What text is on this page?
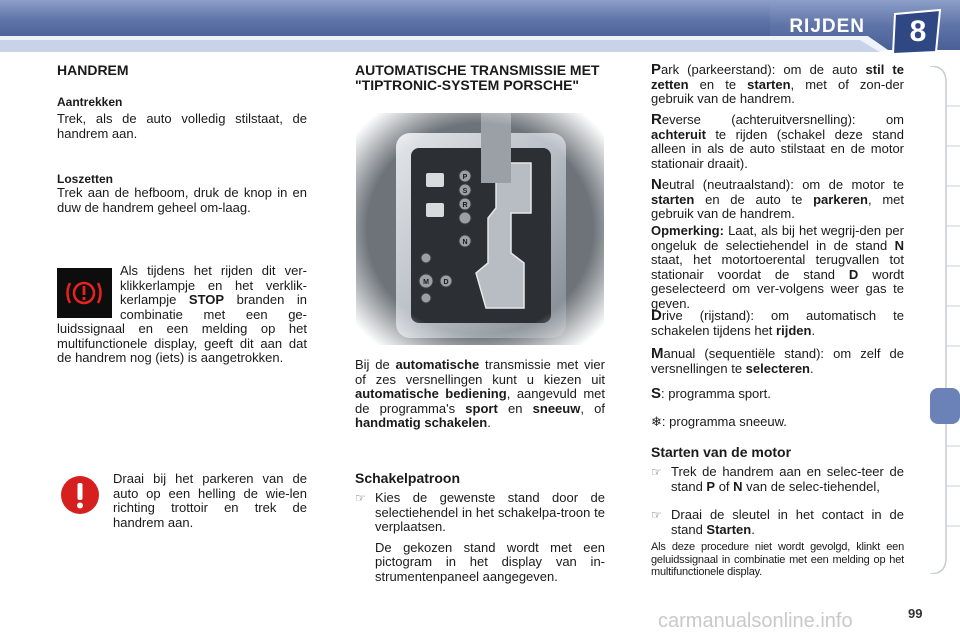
RIJDEN	8
HANDREM
Aantrekken

Trek, als de auto volledig stilstaat, de handrem aan.

Loszetten

Trek aan de hefboom, druk de knop in en duw de handrem geheel om-laag.

Als tijdens het rijden dit ver-klikkerlampje en het verklik-kerlampje STOP branden in combinatie met een ge-luidssignaal en een melding op het multifunctionele display, geeft dit aan dat de handrem nog (iets) is aangetrokken.

Draai bij het parkeren van de auto op een helling de wie-len richting trottoir en trek de handrem aan.

AUTOMATISCHE TRANSMISSIE MET "TIPTRONIC-SYSTEM PORSCHE"

Bij de automatische transmissie met vier of zes versnellingen kunt u kiezen uit automatische bediening, aangevuld met de programma's sport en sneeuw, of handmatig schakelen.

Schakelpatroon
☞ Kies de gewenste stand door de selectiehendel in het schakelpa-troon te verplaatsen.

De gekozen stand wordt met een pictogram in het display van in-strumentenpaneel aangegeven.

Park (parkeerstand): om de auto stil te zetten en te starten, met of zon-der gebruik van de handrem.

Reverse (achteruitversnelling): om achteruit te rijden (schakel deze stand alleen in als de auto stilstaat en de motor stationair draait).

Neutral (neutraalstand): om de motor te starten en de auto te parkeren, met gebruik van de handrem.

Opmerking: Laat, als bij het wegrij-den per ongeluk de selectiehendel in de stand N staat, het motortoerental terugvallen tot stationair voordat de stand D wordt geselecteerd om ver-volgens weer gas te geven.

Drive (rijstand): om automatisch te schakelen tijdens het rijden.

Manual (sequentiële stand): om zelf de versnellingen te selecteren.

S: programma sport.

❄: programma sneeuw.

Starten van de motor
☞ Trek de handrem aan en selec-teer de stand P of N van de selec-tiehendel,

☞ Draai de sleutel in het contact in de stand Starten.

Als deze procedure niet wordt gevolgd, klinkt een geluidssignaal in combinatie met een melding op het multifunctionele display.

carmanualsonline.info	99
